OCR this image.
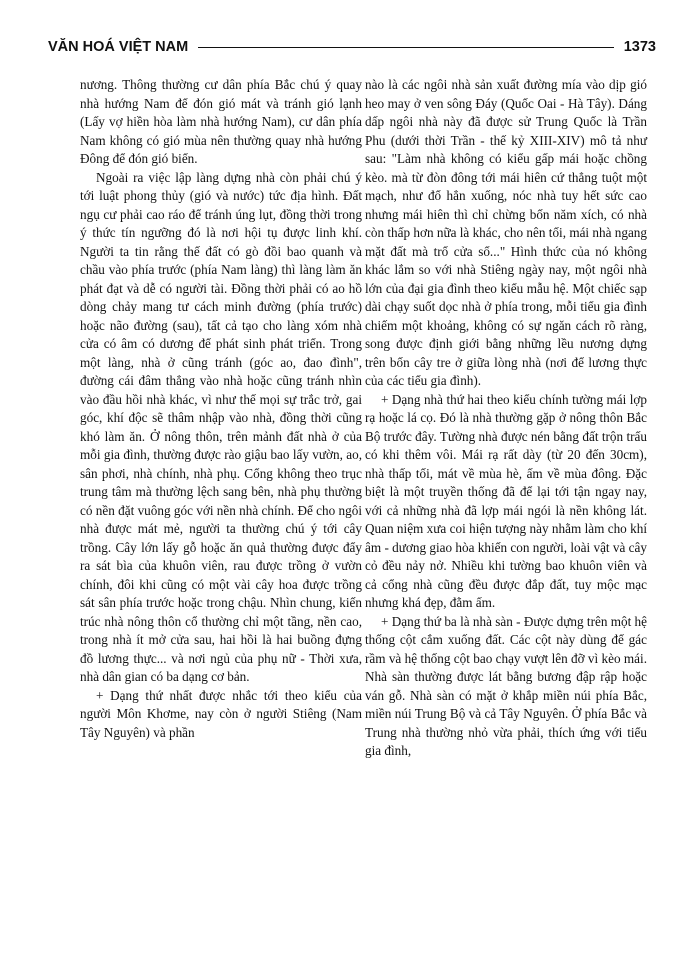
VĂN HOÁ VIỆT NAM	1373

nương. Thông thường cư dân phía Bắc chú ý quay nhà hướng Nam để đón gió mát và tránh gió lạnh (Lấy vợ hiền hòa làm nhà hướng Nam), cư dân phía Nam không có gió mùa nên thường quay nhà hướng Đông để đón gió biển.

Ngoài ra việc lập làng dựng nhà còn phải chú ý tới luật phong thủy (gió và nước) tức địa hình. Đất ngụ cư phải cao ráo để tránh úng lụt, đồng thời trong ý thức tín ngưỡng đó là nơi hội tụ được linh khí. Người ta tin rằng thế đất có gò đồi bao quanh và chầu vào phía trước (phía Nam làng) thì làng làm ăn phát đạt và dễ có người tài. Đồng thời phải có ao hồ dòng chảy mang tư cách minh đường (phía trước) hoặc não đường (sau), tất cả tạo cho làng xóm nhà cửa có âm có dương để phát sinh phát triển. Trong một làng, nhà ở cũng tránh (góc ao, đao đình", đường cái đâm thẳng vào nhà hoặc cũng tránh nhìn vào đầu hồi nhà khác, vì như thế mọi sự trắc trở, gai góc, khí độc sẽ thâm nhập vào nhà, đồng thời cũng khó làm ăn. Ở nông thôn, trên mảnh đất nhà ở của mỗi gia đình, thường được rào giậu bao lấy vườn, ao, sân phơi, nhà chính, nhà phụ. Cổng không theo trục trung tâm mà thường lệch sang bên, nhà phụ thường có nền đặt vuông góc với nền nhà chính. Để cho ngôi nhà được mát mẻ, người ta thường chú ý tới cây trồng. Cây lớn lấy gỗ hoặc ăn quả thường được đẩy ra sát bìa của khuôn viên, rau được trồng ở vườn chính, đôi khi cũng có một vài cây hoa được trồng sát sân phía trước hoặc trong chậu. Nhìn chung, kiến trúc nhà nông thôn cổ thường chỉ một tầng, nền cao, trong nhà ít mở cửa sau, hai hồi là hai buồng đựng đồ lương thực... và nơi ngủ của phụ nữ - Thời xưa, nhà dân gian có ba dạng cơ bản.

+ Dạng thứ nhất được nhắc tới theo kiểu của người Môn Khơme, nay còn ở người Stiêng (Nam Tây Nguyên) và phần

nào là các ngôi nhà sản xuất đường mía vào dịp gió heo may ở ven sông Đáy (Quốc Oai - Hà Tây). Dáng dấp ngôi nhà này đã được sử Trung Quốc là Trần Phu (dưới thời Trần - thế kỷ XIII-XIV) mô tả như sau: "Làm nhà không có kiểu gấp mái hoặc chồng kèo. mà từ đòn đông tới mái hiên cứ thẳng tuột một mạch, như đổ hẳn xuống, nóc nhà tuy hết sức cao nhưng mái hiên thì chỉ chừng bốn năm xích, có nhà còn thấp hơn nữa là khác, cho nên tối, mái nhà ngang mặt đất mà trổ cửa sổ..." Hình thức của nó không khác lắm so với nhà Stiêng ngày nay, một ngôi nhà lớn của đại gia đình theo kiểu mẫu hệ. Một chiếc sạp dài chạy suốt dọc nhà ở phía trong, mỗi tiểu gia đình chiếm một khoảng, không có sự ngăn cách rõ ràng, song được định giới bằng những lều nương dựng trên bốn cây tre ở giữa lòng nhà (nơi để lương thực của các tiểu gia đình).

+ Dạng nhà thứ hai theo kiểu chính tường mái lợp rạ hoặc lá cọ. Đó là nhà thường gặp ở nông thôn Bắc Bộ trước đây. Tường nhà được nén bằng đất trộn trấu có khi thêm vôi. Mái rạ rất dày (từ 20 đến 30cm), nhà thấp tối, mát về mùa hè, ấm về mùa đông. Đặc biệt là một truyền thống đã để lại tới tận ngay nay, với cả những nhà đã lợp mái ngói là nền không lát. Quan niệm xưa coi hiện tượng này nhằm làm cho khí âm - dương giao hòa khiến con người, loài vật và cây cỏ đều nảy nở. Nhiều khi tường bao khuôn viên và cả cổng nhà cũng đều được đắp đất, tuy mộc mạc nhưng khá đẹp, đằm ấm.

+ Dạng thứ ba là nhà sàn - Được dựng trên một hệ thống cột cắm xuống đất. Các cột này dùng để gác rầm và hệ thống cột bao chạy vượt lên đỡ vì kèo mái. Nhà sàn thường được lát bằng bương đập rập hoặc ván gỗ. Nhà sàn có mặt ở khắp miền núi phía Bắc, miền núi Trung Bộ và cả Tây Nguyên. Ở phía Bắc và Trung nhà thường nhỏ vừa phải, thích ứng với tiểu gia đình,
